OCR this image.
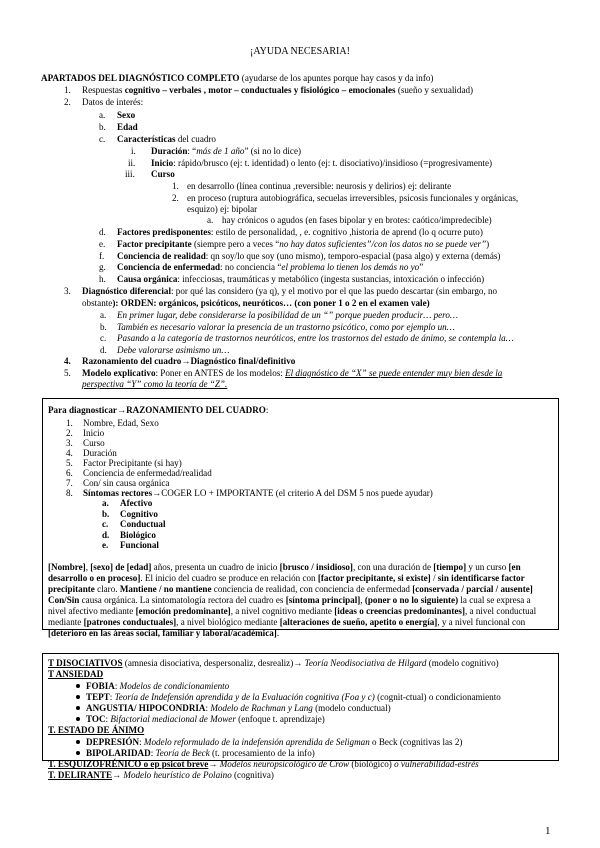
¡AYUDA NECESARIA!
APARTADOS DEL DIAGNÓSTICO COMPLETO (ayudarse de los apuntes porque hay casos y da info)
1. Respuestas cognitivo – verbales , motor – conductuales y fisiológico – emocionales (sueño y sexualidad)
2. Datos de interés:
a. Sexo
b. Edad
c. Características del cuadro
i. Duración: “más de 1 año” (si no lo dice)
ii. Inicio: rápido/brusco (ej: t. identidad) o lento (ej: t. disociativo)/insidioso (=progresivamente)
iii. Curso
1. en desarrollo (línea continua ,reversible: neurosis y delirios) ej: delirante
2. en proceso (ruptura autobiográfica, secuelas irreversibles, psicosis funcionales y orgánicas,
esquizo) ej: bipolar
a. hay crónicos o agudos (en fases bipolar y en brotes: caótico/impredecible)
d. Factores predisponentes: estilo de personalidad, , e. cognitivo ,historia de aprend (lo q ocurre puto)
e. Factor precipitante (siempre pero a veces “no hay datos suficientes”/con los datos no se puede ver”)
f. Conciencia de realidad: qn soy/lo que soy (uno mismo), temporo-espacial (pasa algo) y externa (demás)
g. Conciencia de enfermedad: no conciencia “el problema lo tienen los demás no yo”
h. Causa orgánica: infecciosas, traumáticas y metabólico (ingesta sustancias, intoxicación o infección)
3. Diagnóstico diferencial: por qué las considero (ya q), y el motivo por el que las puedo descartar (sin embargo, no
obstante): ORDEN: orgánicos, psicóticos, neuróticos… (con poner 1 o 2 en el examen vale)
a. En primer lugar, debe considerarse la posibilidad de un “” porque pueden producir… pero…
b. También es necesario valorar la presencia de un trastorno psicótico, como por ejemplo un…
c. Pasando a la categoría de trastornos neuróticos, entre los trastornos del estado de ánimo, se contempla la…
d. Debe valorarse asimismo un…
4. Razonamiento del cuadro→Diagnóstico final/definitivo
5. Modelo explicativo: Poner en ANTES de los modelos: El diagnóstico de “X” se puede entender muy bien desde la
perspectiva “Y” como la teoría de “Z”.
Para diagnosticar→RAZONAMIENTO DEL CUADRO:
8. Síntomas rectores→COGER LO + IMPORTANTE (el criterio A del DSM 5 nos puede ayudar)
[Nombre], [sexo] de [edad] años, presenta un cuadro de inicio [brusco / insidioso], con una duración de [tiempo] y un curso [en
desarrollo o en proceso]. El inicio del cuadro se produce en relación con [factor precipitante, si existe] / sin identificarse factor
precipitante claro. Mantiene / no mantiene conciencia de realidad, con conciencia de enfermedad [conservada / parcial / ausente]
Con/Sin causa orgánica. La sintomatología rectora del cuadro es [síntoma principal], (poner o no lo siguiente) la cual se expresa a
nivel afectivo mediante [emoción predominante], a nivel cognitivo mediante [ideas o creencias predominantes], a nivel conductual
mediante [patrones conductuales], a nivel biológico mediante [alteraciones de sueño, apetito o energía], y a nivel funcional con
[deterioro en las áreas social, familiar y laboral/académica].
T DISOCIATIVOS (amnesia disociativa, despersonaliz, desrealiz)→ Teoría Neodisociativa de Hilgard (modelo cognitivo)
T ANSIEDAD
FOBIA: Modelos de condicionamiento
TEPT: Teoría de Indefensión aprendida y de la Evaluación cognitiva (Foa y c) (cognit-ctual) o condicionamiento
ANGUSTIA/ HIPOCONDRIA: Modelo de Rachman y Lang (modelo conductual)
TOC: Bifactorial mediacional de Mower (enfoque t. aprendizaje)
T. ESTADO DE ÁNIMO
DEPRESIÓN: Modelo reformulado de la indefensión aprendida de Seligman o Beck (cognitivas las 2)
BIPOLARIDAD: Teoría de Beck (t. procesamiento de la info)
T. ESQUIZOFRÉNICO o ep psicot breve→ Modelos neuropsicológico de Crow (biológico) o vulnerabilidad-estrés
T. DELIRANTE→ Modelo heurístico de Polaino (cognitiva)
1
1. Nombre, Edad, Sexo
2. Inicio
3. Curso
4. Duración
5. Factor Precipitante (si hay)
6. Conciencia de enfermedad/realidad
7. Con/ sin causa orgánica
a. Afectivo
b. Cognitivo
c. Conductual
d. Biológico
e. Funcional
